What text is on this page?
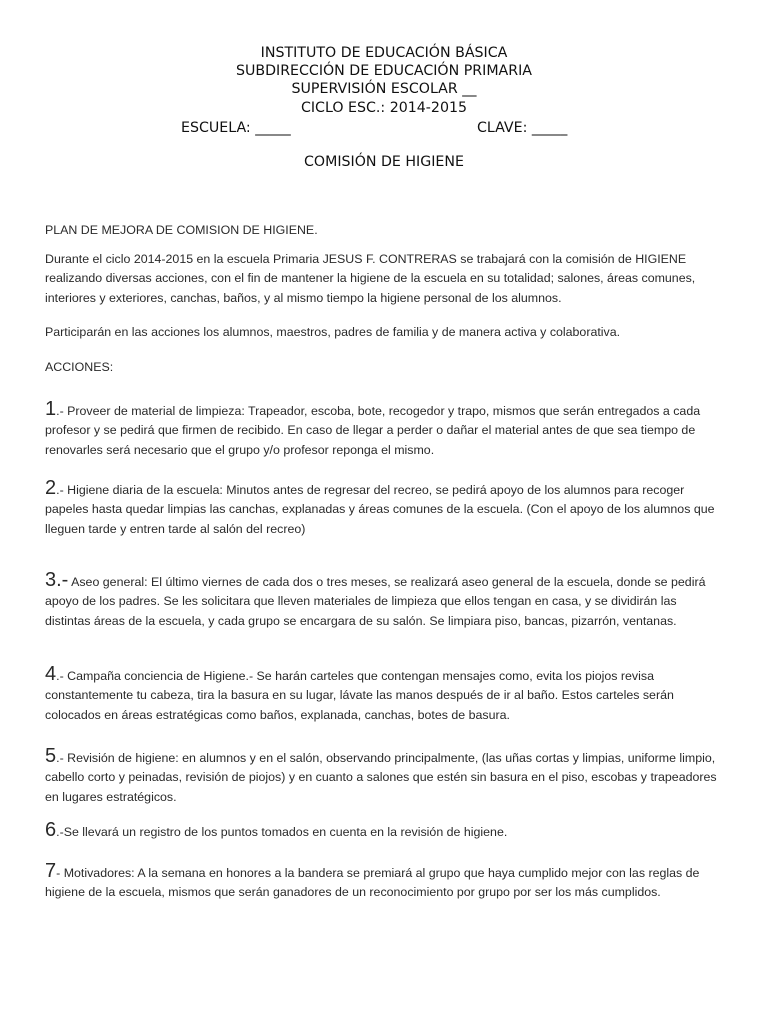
INSTITUTO DE EDUCACIÓN BÁSICA
SUBDIRECCIÓN DE EDUCACIÓN PRIMARIA
SUPERVISIÓN ESCOLAR __
CICLO ESC.: 2014-2015
ESCUELA: _____	CLAVE: _____
COMISIÓN DE HIGIENE
PLAN DE MEJORA DE COMISION DE HIGIENE.
Durante el ciclo 2014-2015 en la escuela Primaria JESUS F. CONTRERAS se trabajará con la comisión de HIGIENE realizando diversas acciones, con el fin de mantener la higiene de la escuela en su totalidad; salones, áreas comunes, interiores y exteriores, canchas, baños, y al mismo tiempo la higiene personal de los alumnos.
Participarán en las acciones los alumnos, maestros, padres de familia y de manera activa y colaborativa.
ACCIONES:
1.- Proveer de material de limpieza: Trapeador, escoba, bote, recogedor y trapo, mismos que serán entregados a cada profesor y se pedirá que firmen de recibido. En caso de llegar a perder o dañar el material antes de que sea tiempo de renovarles será necesario que el grupo y/o profesor reponga el mismo.
2.- Higiene diaria de la escuela: Minutos antes de regresar del recreo, se pedirá apoyo de los alumnos para recoger papeles hasta quedar limpias las canchas, explanadas y áreas comunes de la escuela. (Con el apoyo de los alumnos que lleguen tarde y entren tarde al salón del recreo)
3.- Aseo general: El último viernes de cada dos o tres meses, se realizará aseo general de la escuela, donde se pedirá apoyo de los padres. Se les solicitara que lleven materiales de limpieza que ellos tengan en casa, y se dividirán las distintas áreas de la escuela, y cada grupo se encargara de su salón. Se limpiara piso, bancas, pizarrón, ventanas.
4.- Campaña conciencia de Higiene.- Se harán carteles que contengan mensajes como, evita los piojos revisa constantemente tu cabeza, tira la basura en su lugar, lávate las manos después de ir al baño. Estos carteles serán colocados en áreas estratégicas como baños, explanada, canchas, botes de basura.
5.- Revisión de higiene: en alumnos y en el salón, observando principalmente, (las uñas cortas y limpias, uniforme limpio, cabello corto y peinadas, revisión de piojos) y en cuanto a salones que estén sin basura en el piso, escobas y trapeadores en lugares estratégicos.
6.-Se llevará un registro de los puntos tomados en cuenta en la revisión de higiene.
7- Motivadores: A la semana en honores a la bandera se premiará al grupo que haya cumplido mejor con las reglas de higiene de la escuela, mismos que serán ganadores de un reconocimiento por grupo por ser los más cumplidos.
